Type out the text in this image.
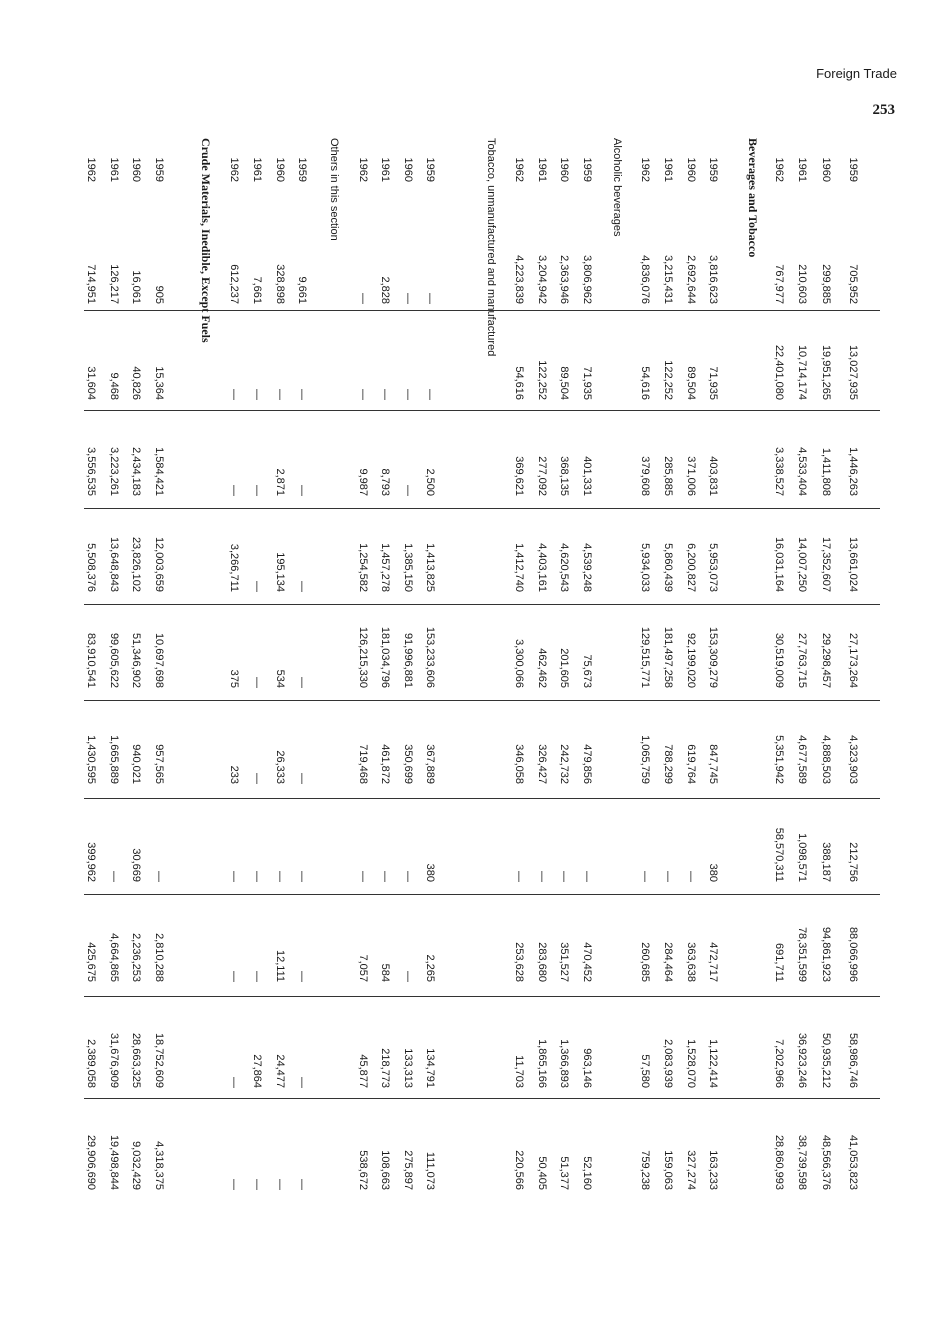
Foreign Trade
253
1959
705,952
13,027,935
1,446,263
13,661,024
27,173,264
4,323,903
212,756
88,066,996
58,986,746
41,053,823
1960
299,885
19,951,265
1,411,808
17,352,607
29,298,457
4,888,503
388,187
94,861,923
50,935,212
48,566,376
1961
210,603
10,714,174
4,533,404
14,007,250
27,763,715
4,677,589
1,098,571
78,351,599
36,923,246
38,739,598
1962
767,977
22,401,080
3,338,527
16,031,164
30,519,009
5,351,942
58,570,311
691,711
7,202,966
28,860,993
Beverages and Tobacco
1959
3,816,623
71,935
403,831
5,953,073
153,309,279
847,745
380
472,717
1,122,414
163,233
1960
2,692,644
89,504
371,006
6,200,827
92,199,020
619,764
—
363,638
1,528,070
327,274
1961
3,215,431
122,252
285,885
5,860,439
181,497,258
788,299
—
284,464
2,083,939
159,063
1962
4,836,076
54,616
379,608
5,934,033
129,515,771
1,065,759
—
260,685
57,580
759,238
Alcoholic beverages
1959
3,806,962
71,935
401,331
4,539,248
75,673
479,856
—
470,452
963,146
52,160
1960
2,363,946
89,504
368,135
4,620,543
201,605
242,732
—
351,527
1,366,893
51,377
1961
3,204,942
122,252
277,092
4,403,161
462,462
326,427
—
283,680
1,865,166
50,405
1962
4,223,839
54,616
369,621
1,412,740
3,300,066
346,058
—
253,628
11,703
220,566
Tobacco, unmanufactured and manufactured
1959
—
—
2,500
1,413,825
153,233,606
367,889
380
2,265
134,791
111,073
1960
—
—
—
1,385,150
91,996,881
350,699
—
—
133,313
275,897
1961
2,828
—
8,793
1,457,278
181,034,796
461,872
—
584
218,773
108,663
1962
—
—
9,987
1,254,582
126,215,330
719,468
—
7,057
45,877
538,672
Others in this section
1959
9,661
—
—
—
—
—
—
—
—
—
1960
328,898
—
2,871
195,134
534
26,333
—
12,111
24,477
—
1961
7,661
—
—
—
—
—
—
—
27,864
—
1962
612,237
—
—
3,266,711
375
233
—
—
—
—
Crude Materials, Inedible, Except Fuels
1959
905
15,364
1,584,421
12,003,659
10,697,698
957,565
—
2,810,288
18,752,609
4,318,375
1960
16,061
40,826
2,434,183
23,826,102
51,346,902
940,021
30,669
2,236,253
28,663,325
9,032,429
1961
126,217
9,468
3,223,261
13,648,843
99,605,622
1,665,889
—
4,664,865
31,676,909
19,498,844
1962
714,951
31,604
3,556,535
5,508,376
83,910,541
1,430,595
399,962
425,675
2,389,058
29,906,690
